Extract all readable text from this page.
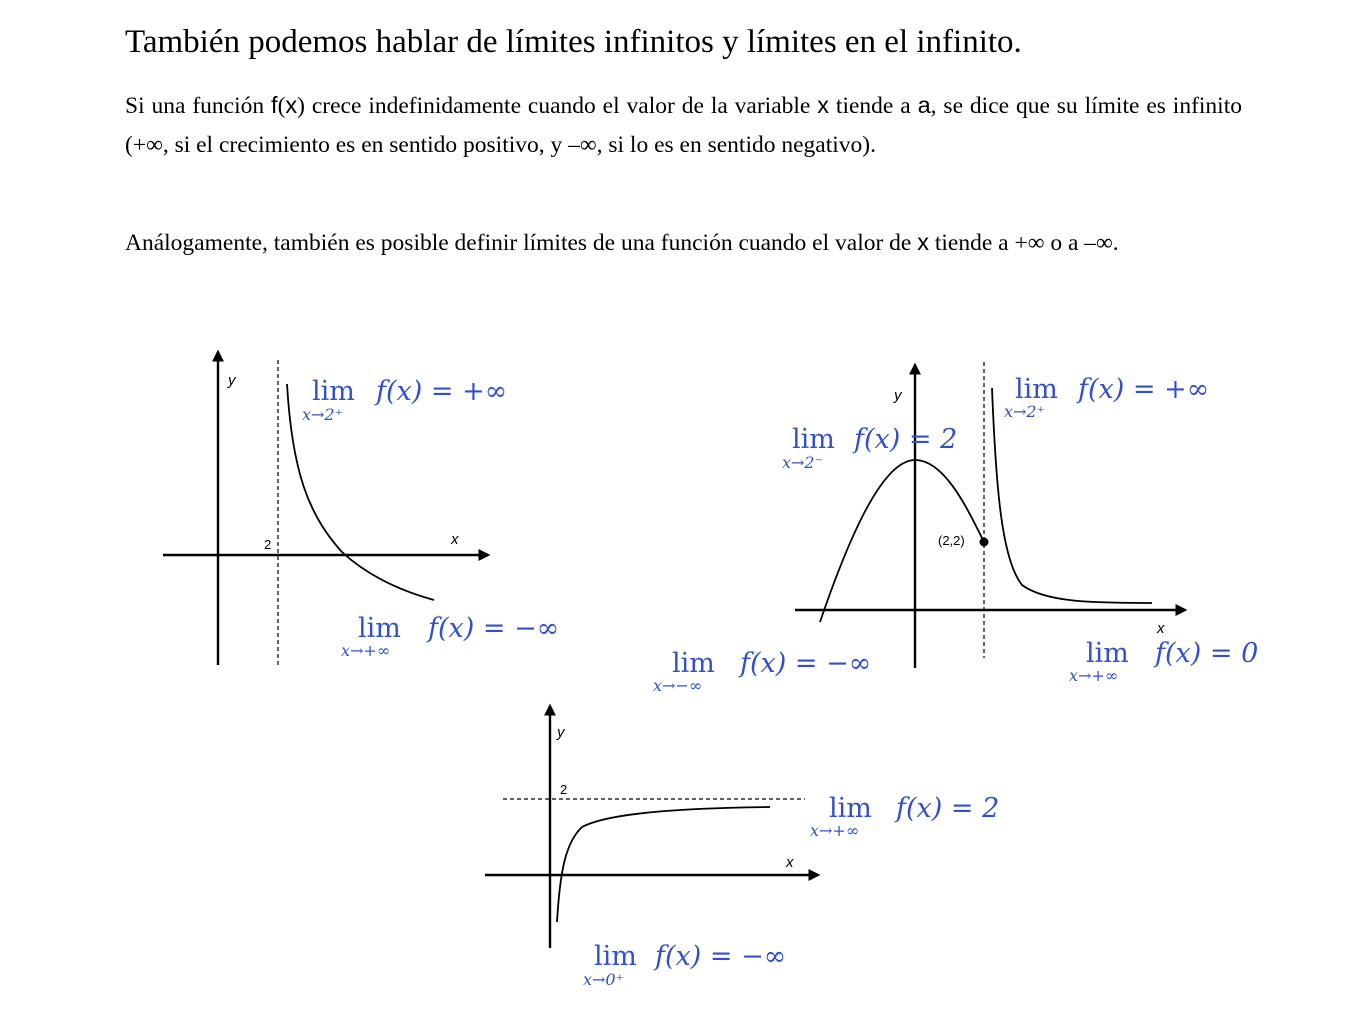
También podemos hablar de límites infinitos y límites en el infinito.

Si una función f(x) crece indefinidamente cuando el valor de la variable x tiende a a, se dice que su límite es infinito (+∞, si el crecimiento es en sentido positivo, y –∞, si lo es en sentido negativo).

Análogamente, también es posible definir límites de una función cuando el valor de x tiende a +∞ o a –∞.

y
x
2
lim
x→2⁺
f(x) = +∞
lim
x→+∞
f(x) = −∞
(2,2)
y
x
lim
x→2⁺
f(x) = +∞
lim
x→2⁻
f(x) = 2
lim
x→−∞
f(x) = −∞	lim
x→+∞
f(x) = 0
y
x
2
lim
x→+∞
f(x) = 2
lim
x→0⁺
f(x) = −∞
